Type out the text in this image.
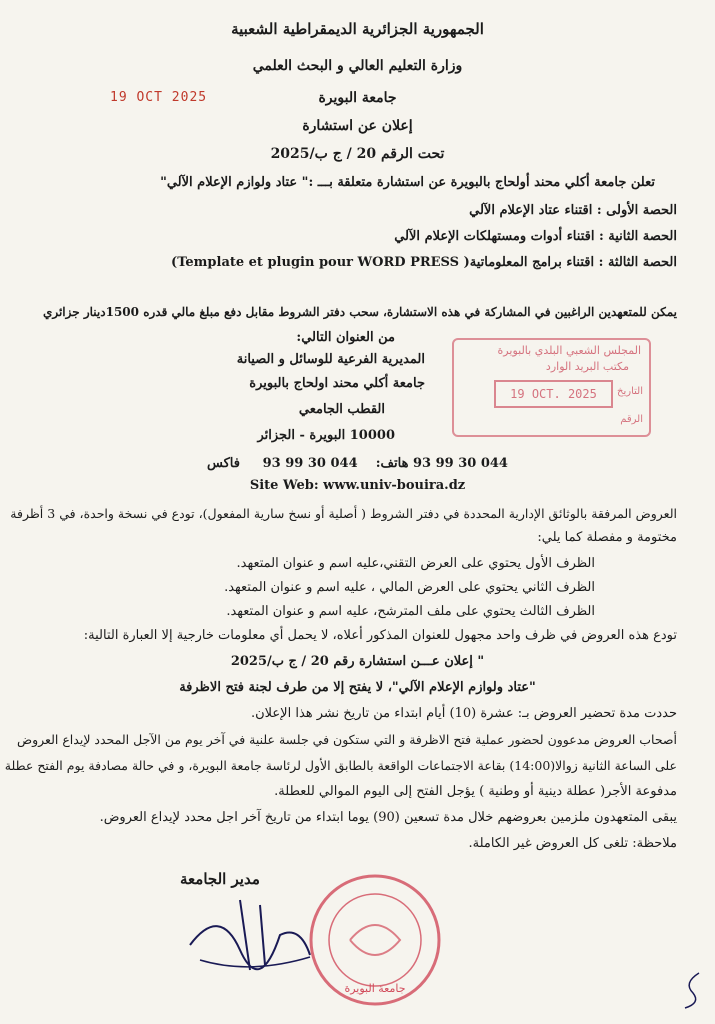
الجمهورية الجزائرية الديمقراطية الشعبية
وزارة التعليم العالي و البحث العلمي
جامعة البويرة
19 OCT 2025
إعلان عن استشارة
تحت الرقم 20 / ج ب/2025
تعلن جامعة أكلي محند أولحاج بالبويرة عن استشارة متعلقة بـــ :" عتاد ولوازم الإعلام الآلي"
الحصة الأولى : اقتناء عتاد الإعلام الآلي
الحصة الثانية : اقتناء أدوات ومستهلكات الإعلام الآلي
الحصة الثالثة : اقتناء برامج المعلوماتية( Template et plugin pour WORD PRESS)
يمكن للمتعهدين الراغبين في المشاركة في هذه الاستشارة، سحب دفتر الشروط مقابل دفع مبلغ مالي قدره 1500دينار جزائري
من العنوان التالي:
المديرية الفرعية للوسائل و الصيانة
جامعة أكلي محند اولحاج بالبويرة
القطب الجامعي
10000 البويرة - الجزائر
المجلس الشعبي البلدي بالبويرة
مكتب البريد الوارد
التاريخ
19 OCT. 2025
الرقم
93 99 30 044 هاتف:    93 99 30 044     فاكس
Site Web: www.univ-bouira.dz
العروض المرفقة بالوثائق الإدارية المحددة في دفتر الشروط ( أصلية أو نسخ سارية المفعول)، تودع في نسخة واحدة، في 3 أظرفة
مختومة و مفصلة كما يلي:
الظرف الأول يحتوي على العرض التقني،عليه اسم و عنوان المتعهد.
الظرف الثاني يحتوي على العرض المالي ، عليه اسم و عنوان المتعهد.
الظرف الثالث يحتوي على ملف المترشح، عليه اسم و عنوان المتعهد.
تودع هذه العروض في ظرف واحد مجهول للعنوان المذكور أعلاه، لا يحمل أي معلومات خارجية إلا العبارة التالية:
" إعلان عـــن استشارة رقم 20 / ج ب/2025
"عتاد ولوازم الإعلام الآلي"، لا يفتح إلا من طرف لجنة فتح الاظرفة
حددت مدة تحضير العروض بـ: عشرة (10) أيام ابتداء من تاريخ نشر هذا الإعلان.
أصحاب العروض مدعوون لحضور عملية فتح الاظرفة و التي ستكون في جلسة علنية في آخر يوم من الآجل المحدد لإيداع العروض
على الساعة الثانية زوالا(14:00) بقاعة الاجتماعات الواقعة بالطابق الأول لرئاسة جامعة البويرة، و في حالة مصادفة يوم الفتح عطلة
مدفوعة الأجر( عطلة دينية أو وطنية ) يؤجل الفتح إلى اليوم الموالي للعطلة.
يبقى المتعهدون ملزمين بعروضهم خلال مدة تسعين (90) يوما ابتداء من تاريخ آخر اجل محدد لإيداع العروض.
ملاحظة: تلغى كل العروض غير الكاملة.
مدير الجامعة
جامعة البويرة
